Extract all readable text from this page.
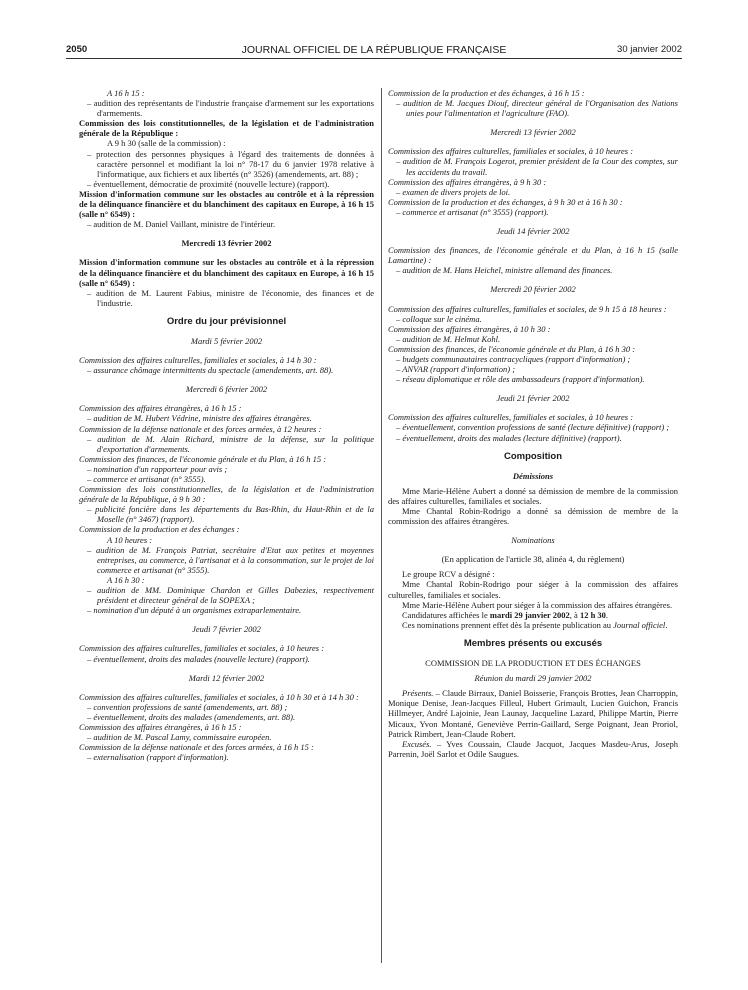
2050	JOURNAL OFFICIEL DE LA RÉPUBLIQUE FRANÇAISE	30 janvier 2002
A 16 h 15 :
– audition des représentants de l'industrie française d'armement sur les exportations d'armements.
Commission des lois constitutionnelles, de la législation et de l'administration générale de la République :
A 9 h 30 (salle de la commission) :
– protection des personnes physiques à l'égard des traitements de données à caractère personnel et modifiant la loi n° 78-17 du 6 janvier 1978 relative à l'informatique, aux fichiers et aux libertés (n° 3526) (amendements, art. 88) ;
– éventuellement, démocratie de proximité (nouvelle lecture) (rapport).
Mission d'information commune sur les obstacles au contrôle et à la répression de la délinquance financière et du blanchiment des capitaux en Europe, à 16 h 15 (salle n° 6549) :
– audition de M. Daniel Vaillant, ministre de l'intérieur.
Mercredi 13 février 2002
Mission d'information commune sur les obstacles au contrôle et à la répression de la délinquance financière et du blanchiment des capitaux en Europe, à 16 h 15 (salle n° 6549) :
– audition de M. Laurent Fabius, ministre de l'économie, des finances et de l'industrie.
Ordre du jour prévisionnel
Mardi 5 février 2002
Commission des affaires culturelles, familiales et sociales, à 14 h 30 :
– assurance chômage intermittents du spectacle (amendements, art. 88).
Mercredi 6 février 2002
Commission des affaires étrangères, à 16 h 15 :
– audition de M. Hubert Védrine, ministre des affaires étrangères.
Commission de la défense nationale et des forces armées, à 12 heures :
– audition de M. Alain Richard, ministre de la défense, sur la politique d'exportation d'armements.
Commission des finances, de l'économie générale et du Plan, à 16 h 15 :
– nomination d'un rapporteur pour avis ;
– commerce et artisanat (n° 3555).
Commission des lois constitutionnelles, de la législation et de l'administration générale de la République, à 9 h 30 :
– publicité foncière dans les départements du Bas-Rhin, du Haut-Rhin et de la Moselle (n° 3467) (rapport).
Commission de la production et des échanges :
A 10 heures :
– audition de M. François Patriat, secrétaire d'Etat aux petites et moyennes entreprises, au commerce, à l'artisanat et à la consommation, sur le projet de loi commerce et artisanat (n° 3555).
A 16 h 30 :
– audition de MM. Dominique Chardon et Gilles Dabezies, respectivement président et directeur général de la SOPEXA ;
– nomination d'un député à un organismes extraparlementaire.
Jeudi 7 février 2002
Commission des affaires culturelles, familiales et sociales, à 10 heures :
– éventuellement, droits des malades (nouvelle lecture) (rapport).
Mardi 12 février 2002
Commission des affaires culturelles, familiales et sociales, à 10 h 30 et à 14 h 30 :
– convention professions de santé (amendements, art. 88) ;
– éventuellement, droits des malades (amendements, art. 88).
Commission des affaires étrangères, à 16 h 15 :
– audition de M. Pascal Lamy, commissaire européen.
Commission de la défense nationale et des forces armées, à 16 h 15 :
– externalisation (rapport d'information).
Commission de la production et des échanges, à 16 h 15 :
– audition de M. Jacques Diouf, directeur général de l'Organisation des Nations unies pour l'alimentation et l'agriculture (FAO).
Mercredi 13 février 2002
Commission des affaires culturelles, familiales et sociales, à 10 heures :
– audition de M. François Logerot, premier président de la Cour des comptes, sur les accidents du travail.
Commission des affaires étrangères, à 9 h 30 :
– examen de divers projets de loi.
Commission de la production et des échanges, à 9 h 30 et à 16 h 30 :
– commerce et artisanat (n° 3555) (rapport).
Jeudi 14 février 2002
Commission des finances, de l'économie générale et du Plan, à 16 h 15 (salle Lamartine) :
– audition de M. Hans Heichel, ministre allemand des finances.
Mercredi 20 février 2002
Commission des affaires culturelles, familiales et sociales, de 9 h 15 à 18 heures :
– colloque sur le cinéma.
Commission des affaires étrangères, à 10 h 30 :
– audition de M. Helmut Kohl.
Commission des finances, de l'économie générale et du Plan, à 16 h 30 :
– budgets communautaires contracycliques (rapport d'information) ;
– ANVAR (rapport d'information) ;
– réseau diplomatique et rôle des ambassadeurs (rapport d'information).
Jeudi 21 février 2002
Commission des affaires culturelles, familiales et sociales, à 10 heures :
– éventuellement, convention professions de santé (lecture définitive) (rapport) ;
– éventuellement, droits des malades (lecture définitive) (rapport).
Composition
Démissions
Mme Marie-Hélène Aubert a donné sa démission de membre de la commission des affaires culturelles, familiales et sociales.
Mme Chantal Robin-Rodrigo a donné sa démission de membre de la commission des affaires étrangères.
Nominations
(En application de l'article 38, alinéa 4, du règlement)
Le groupe RCV a désigné :
Mme Chantal Robin-Rodrigo pour siéger à la commission des affaires culturelles, familiales et sociales.
Mme Marie-Hélène Aubert pour siéger à la commission des affaires étrangères.
Candidatures affichées le mardi 29 janvier 2002, à 12 h 30.
Ces nominations prennent effet dès la présente publication au Journal officiel.
Membres présents ou excusés
COMMISSION DE LA PRODUCTION ET DES ÉCHANGES
Réunion du mardi 29 janvier 2002
Présents. – Claude Birraux, Daniel Boisserie, François Brottes, Jean Charroppin, Monique Denise, Jean-Jacques Filleul, Hubert Grimault, Lucien Guichon, Francis Hillmeyer, André Lajoinie, Jean Launay, Jacqueline Lazard, Philippe Martin, Pierre Micaux, Yvon Montané, Geneviève Perrin-Gaillard, Serge Poignant, Jean Proriol, Patrick Rimbert, Jean-Claude Robert.
Excusés. – Yves Coussain, Claude Jacquot, Jacques Masdeu-Arus, Joseph Parrenin, Joël Sarlot et Odile Saugues.
